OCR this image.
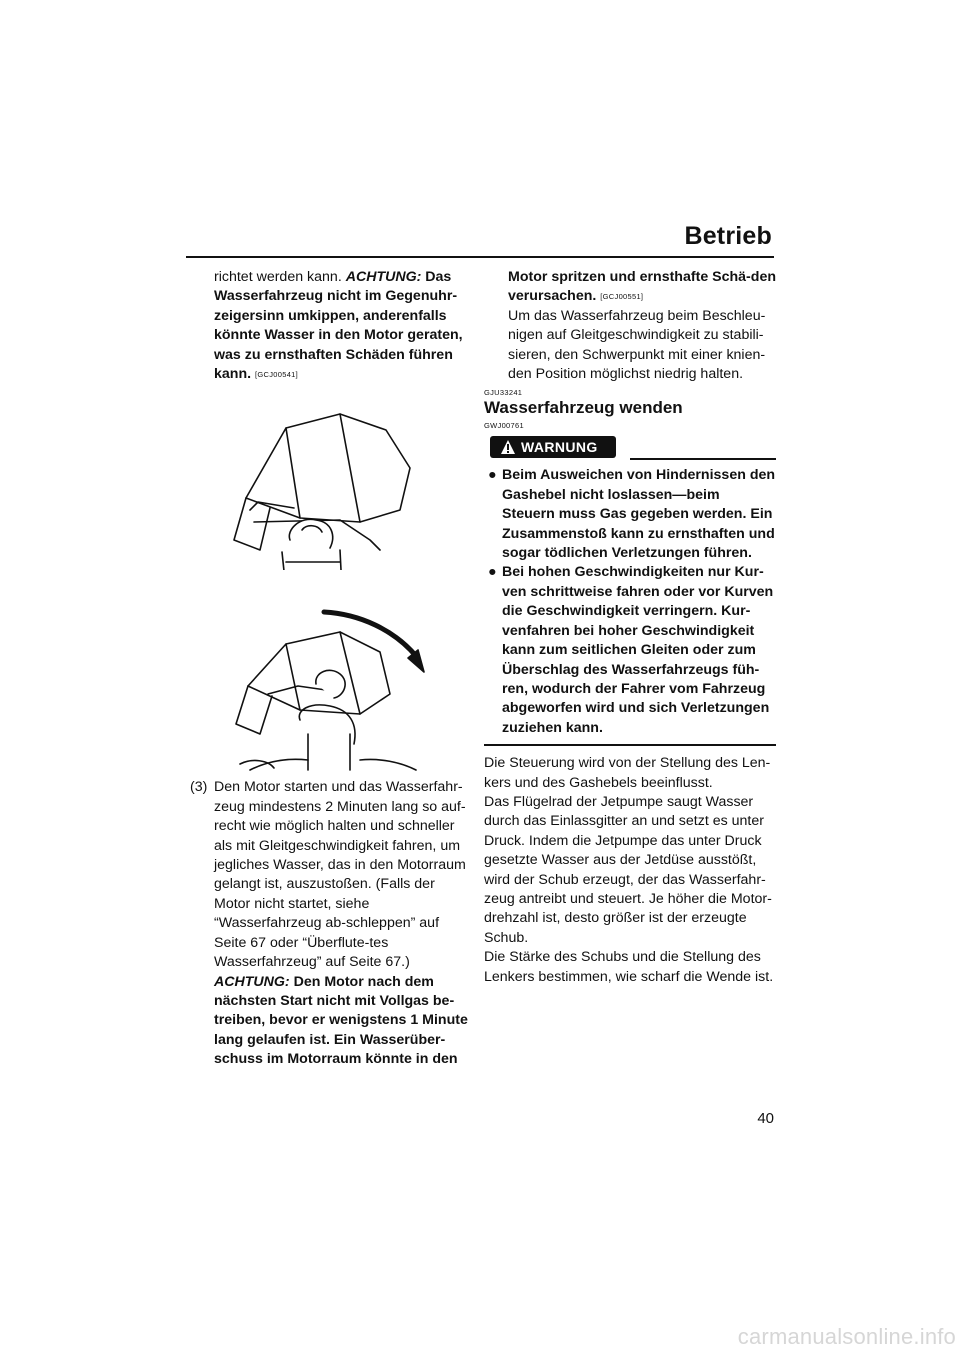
Betrieb

richtet werden kann. ACHTUNG: Das Wasserfahrzeug nicht im Gegenuhr-zeigersinn umkippen, anderenfalls könnte Wasser in den Motor geraten, was zu ernsthaften Schäden führen kann. [GCJ00541]

(3) Den Motor starten und das Wasserfahr-zeug mindestens 2 Minuten lang so auf-recht wie möglich halten und schneller als mit Gleitgeschwindigkeit fahren, um jegliches Wasser, das in den Motorraum gelangt ist, auszustoßen. (Falls der Motor nicht startet, siehe “Wasserfahrzeug ab-schleppen” auf Seite 67 oder “Überflute-tes Wasserfahrzeug” auf Seite 67.)
ACHTUNG: Den Motor nach dem nächsten Start nicht mit Vollgas be-treiben, bevor er wenigstens 1 Minute lang gelaufen ist. Ein Wasserüber-schuss im Motorraum könnte in den

Motor spritzen und ernsthafte Schä-den verursachen. [GCJ00551]
Um das Wasserfahrzeug beim Beschleu-nigen auf Gleitgeschwindigkeit zu stabili-sieren, den Schwerpunkt mit einer knien-den Position möglichst niedrig halten.

GJU33241

Wasserfahrzeug wenden

GWJ00761

WARNUNG
● Beim Ausweichen von Hindernissen den Gashebel nicht loslassen—beim Steuern muss Gas gegeben werden. Ein Zusammenstoß kann zu ernsthaften und sogar tödlichen Verletzungen führen.
● Bei hohen Geschwindigkeiten nur Kur-ven schrittweise fahren oder vor Kurven die Geschwindigkeit verringern. Kur-venfahren bei hoher Geschwindigkeit kann zum seitlichen Gleiten oder zum Überschlag des Wasserfahrzeugs füh-ren, wodurch der Fahrer vom Fahrzeug abgeworfen wird und sich Verletzungen zuziehen kann.

Die Steuerung wird von der Stellung des Len-kers und des Gashebels beeinflusst.

Das Flügelrad der Jetpumpe saugt Wasser durch das Einlassgitter an und setzt es unter Druck. Indem die Jetpumpe das unter Druck gesetzte Wasser aus der Jetdüse ausstößt, wird der Schub erzeugt, der das Wasserfahr-zeug antreibt und steuert. Je höher die Motor-drehzahl ist, desto größer ist der erzeugte Schub.

Die Stärke des Schubs und die Stellung des Lenkers bestimmen, wie scharf die Wende ist.

40
carmanualsonline.info
